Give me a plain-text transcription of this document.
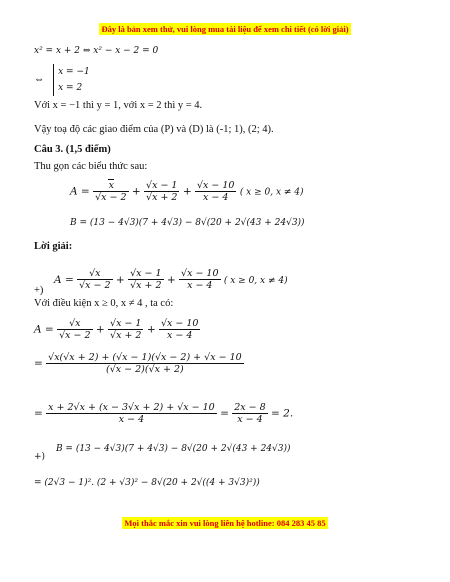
Đây là bản xem thử, vui lòng mua tài liệu để xem chi tiết (có lời giải)
x² = x + 2 ⇔ x² − x − 2 = 0
⇔ x = −1
x = 2
Với x = −1 thì y = 1, với x = 2 thì y = 4.
Vậy toạ độ các giao điểm của (P) và (D) là (-1; 1), (2; 4).
Câu 3. (1,5 điểm)
Thu gọn các biểu thức sau:
$A = \frac{x}{√x - 2} + \frac{√x - 1}{√x + 2} + \frac{√x - 10}{x - 4}$ ( x ≥ 0, x ≠ 4)
B = (13 − 4√3)(7 + 4√3) − 8√(20 + 2√(43 + 24√3))
Lời giải:
+) $A = \frac{√x}{√x - 2} + \frac{√x - 1}{√x + 2} + \frac{√x - 10}{x - 4}$ ( x ≥ 0, x ≠ 4)
Với điều kiện x ≥ 0, x ≠ 4 , ta có:
$A = \frac{√x}{√x - 2} + \frac{√x - 1}{√x + 2} + \frac{√x - 10}{x - 4}$
= $\frac{√x(√x + 2) + (√x - 1)(√x - 2) + √x - 10}{(√x - 2)(√x + 2)}$
= $\frac{x + 2√x + (x - 3√x + 2) + √x - 10}{x - 4} = \frac{2x - 8}{x - 4} = 2$.
+) B = (13 − 4√3)(7 + 4√3) − 8√(20 + 2√(43 + 24√3))
= (2√3 − 1)². (2 + √3)² − 8√(20 + 2√((4 + 3√3)²))
Mọi thắc mắc xin vui lòng liên hệ hotline: 084 283 45 85
